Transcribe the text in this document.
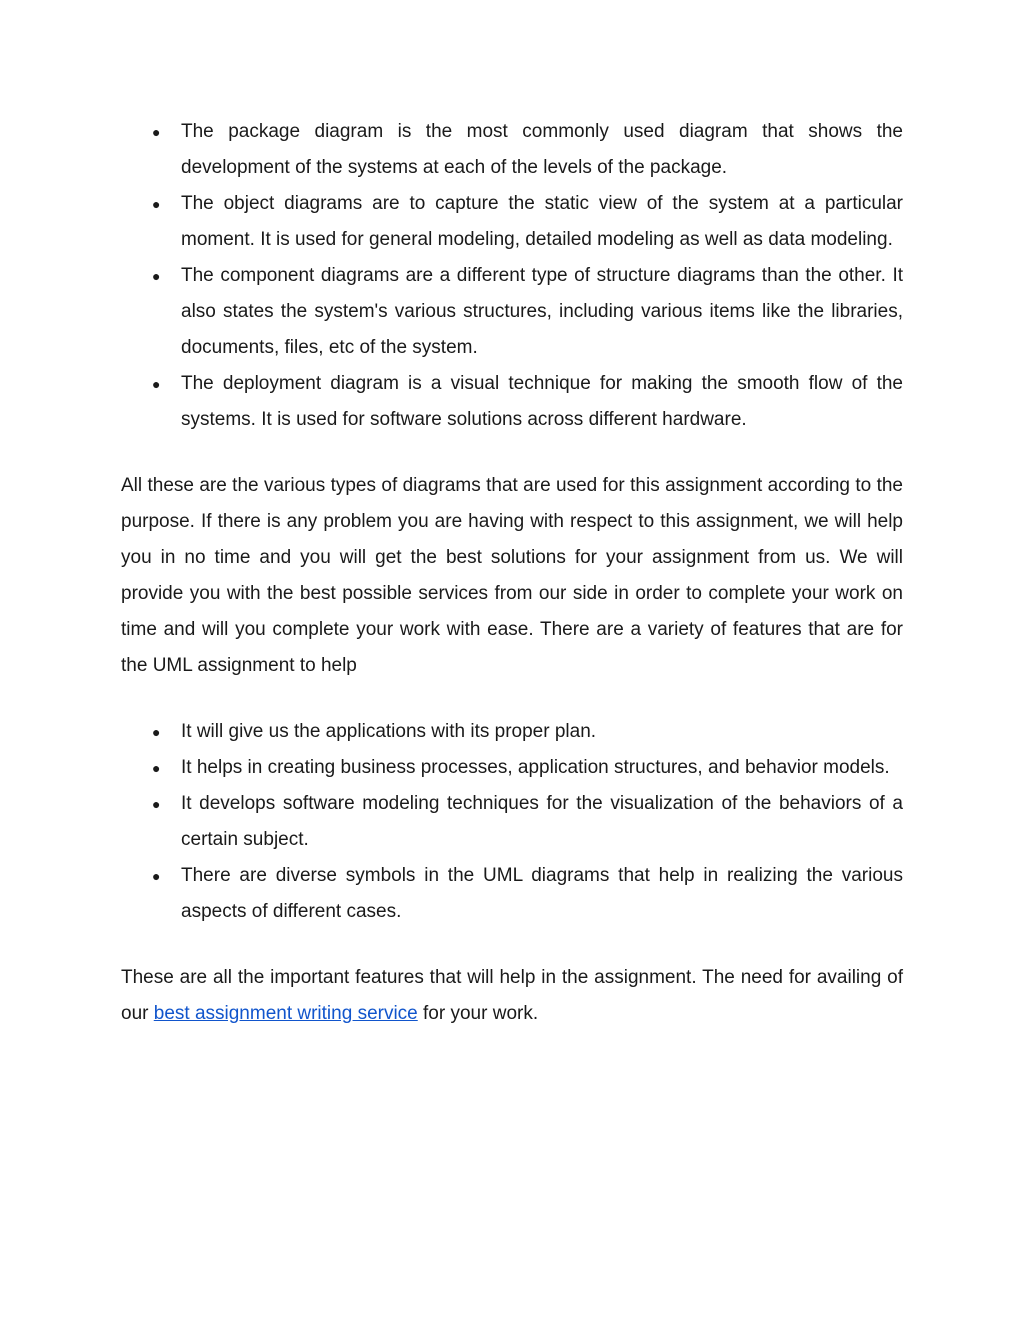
● The package diagram is the most commonly used diagram that shows the development of the systems at each of the levels of the package.
● The object diagrams are to capture the static view of the system at a particular moment. It is used for general modeling, detailed modeling as well as data modeling.
● The component diagrams are a different type of structure diagrams than the other. It also states the system's various structures, including various items like the libraries, documents, files, etc of the system.
● The deployment diagram is a visual technique for making the smooth flow of the systems. It is used for software solutions across different hardware.

All these are the various types of diagrams that are used for this assignment according to the purpose. If there is any problem you are having with respect to this assignment, we will help you in no time and you will get the best solutions for your assignment from us. We will provide you with the best possible services from our side in order to complete your work on time and will you complete your work with ease. There are a variety of features that are for the UML assignment to help

● It will give us the applications with its proper plan.
● It helps in creating business processes, application structures, and behavior models.
● It develops software modeling techniques for the visualization of the behaviors of a certain subject.
● There are diverse symbols in the UML diagrams that help in realizing the various aspects of different cases.

These are all the important features that will help in the assignment. The need for availing of our best assignment writing service for your work.
